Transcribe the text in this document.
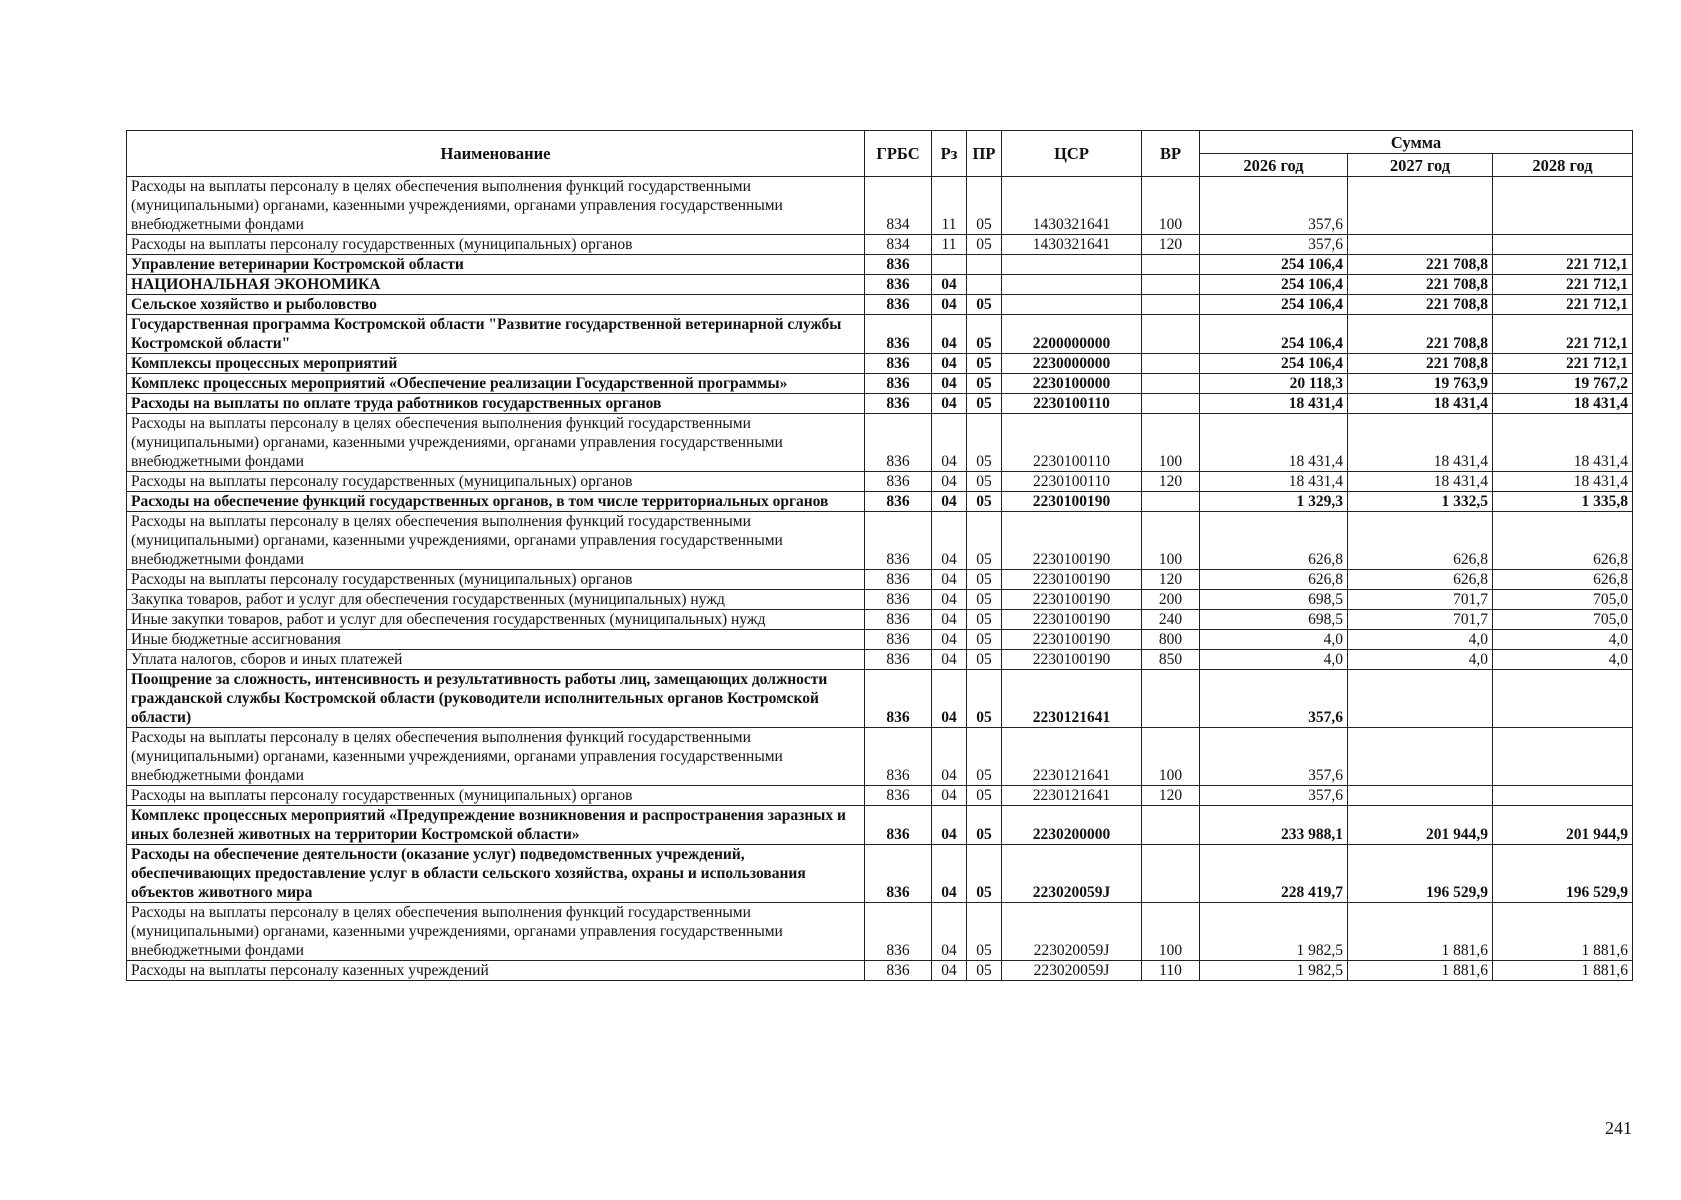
Наименование	ГРБС	Рз	ПР	ЦСР	ВР	Сумма		
						2026 год	2027 год	2028 год
Расходы на выплаты персоналу в целях обеспечения выполнения функций государственными (муниципальными) органами, казенными учреждениями, органами управления государственными внебюджетными фондами	834	11	05	1430321641	100	357,6		
Расходы на выплаты персоналу государственных (муниципальных) органов	834	11	05	1430321641	120	357,6		
Управление ветеринарии Костромской области	836					254 106,4	221 708,8	221 712,1
НАЦИОНАЛЬНАЯ ЭКОНОМИКА	836	04				254 106,4	221 708,8	221 712,1
Сельское хозяйство и рыболовство	836	04	05			254 106,4	221 708,8	221 712,1
Государственная программа Костромской области "Развитие государственной ветеринарной службы Костромской области"	836	04	05	2200000000		254 106,4	221 708,8	221 712,1
Комплексы процессных мероприятий	836	04	05	2230000000		254 106,4	221 708,8	221 712,1
Комплекс процессных мероприятий «Обеспечение реализации Государственной программы»	836	04	05	2230100000		20 118,3	19 763,9	19 767,2
Расходы на выплаты по оплате труда работников государственных органов	836	04	05	2230100110		18 431,4	18 431,4	18 431,4
Расходы на выплаты персоналу в целях обеспечения выполнения функций государственными (муниципальными) органами, казенными учреждениями, органами управления государственными внебюджетными фондами	836	04	05	2230100110	100	18 431,4	18 431,4	18 431,4
Расходы на выплаты персоналу государственных (муниципальных) органов	836	04	05	2230100110	120	18 431,4	18 431,4	18 431,4
Расходы на обеспечение функций государственных органов, в том числе территориальных органов	836	04	05	2230100190		1 329,3	1 332,5	1 335,8
Расходы на выплаты персоналу в целях обеспечения выполнения функций государственными (муниципальными) органами, казенными учреждениями, органами управления государственными внебюджетными фондами	836	04	05	2230100190	100	626,8	626,8	626,8
Расходы на выплаты персоналу государственных (муниципальных) органов	836	04	05	2230100190	120	626,8	626,8	626,8
Закупка товаров, работ и услуг для обеспечения государственных (муниципальных) нужд	836	04	05	2230100190	200	698,5	701,7	705,0
Иные закупки товаров, работ и услуг для обеспечения государственных (муниципальных) нужд	836	04	05	2230100190	240	698,5	701,7	705,0
Иные бюджетные ассигнования	836	04	05	2230100190	800	4,0	4,0	4,0
Уплата налогов, сборов и иных платежей	836	04	05	2230100190	850	4,0	4,0	4,0
Поощрение за сложность, интенсивность и результативность работы лиц, замещающих должности гражданской службы Костромской области (руководители исполнительных органов Костромской области)	836	04	05	2230121641		357,6		
Расходы на выплаты персоналу в целях обеспечения выполнения функций государственными (муниципальными) органами, казенными учреждениями, органами управления государственными внебюджетными фондами	836	04	05	2230121641	100	357,6		
Расходы на выплаты персоналу государственных (муниципальных) органов	836	04	05	2230121641	120	357,6		
Комплекс процессных мероприятий «Предупреждение возникновения и распространения заразных и иных болезней животных на территории Костромской области»	836	04	05	2230200000		233 988,1	201 944,9	201 944,9
Расходы на обеспечение деятельности (оказание услуг) подведомственных учреждений, обеспечивающих предоставление услуг в области сельского хозяйства, охраны и использования объектов животного мира	836	04	05	223020059J		228 419,7	196 529,9	196 529,9
Расходы на выплаты персоналу в целях обеспечения выполнения функций государственными (муниципальными) органами, казенными учреждениями, органами управления государственными внебюджетными фондами	836	04	05	223020059J	100	1 982,5	1 881,6	1 881,6
Расходы на выплаты персоналу казенных учреждений	836	04	05	223020059J	110	1 982,5	1 881,6	1 881,6
241
